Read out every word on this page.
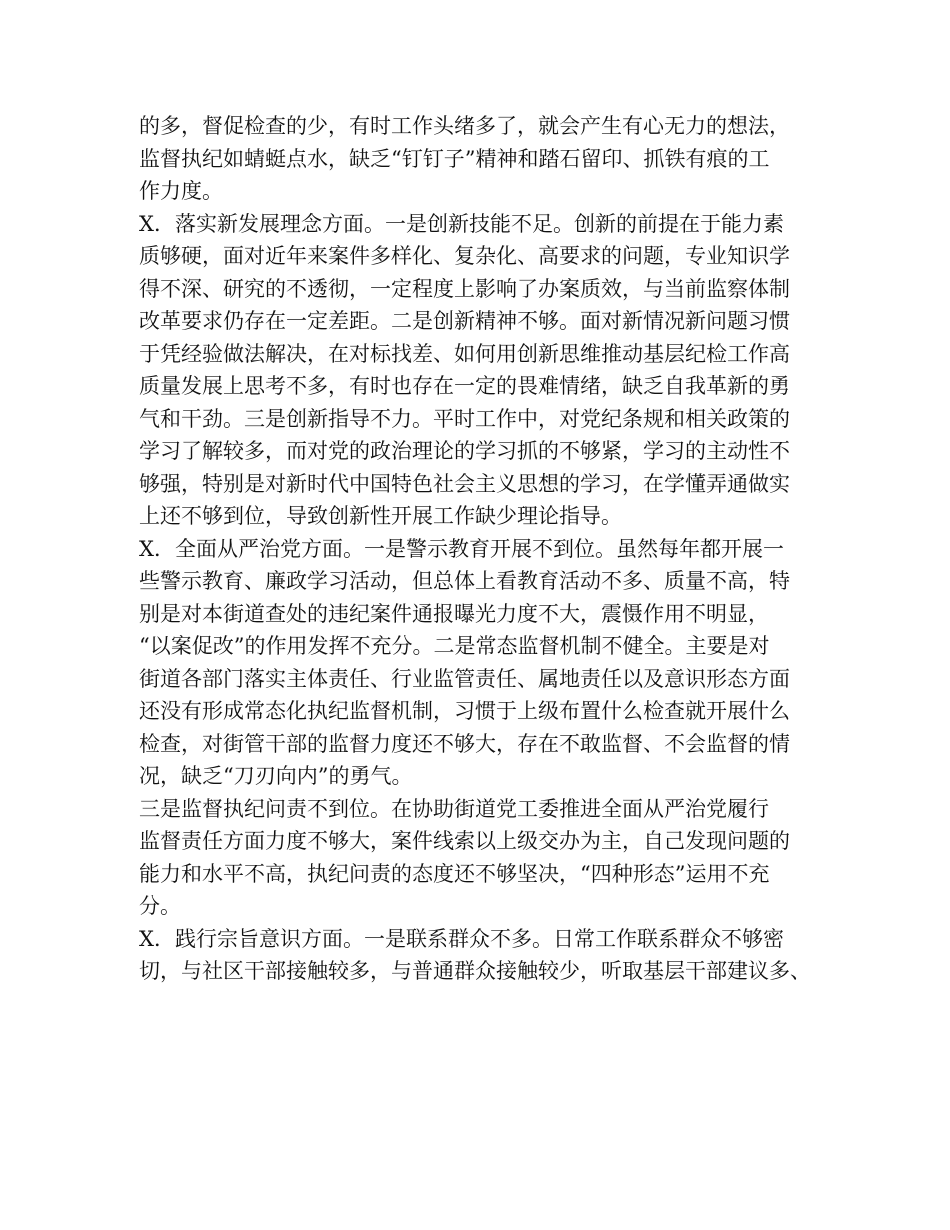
的多，督促检查的少，有时工作头绪多了，就会产生有心无力的想法，
监督执纪如蜻蜓点水，缺乏“钉钉子”精神和踏石留印、抓铁有痕的工
作力度。
X．落实新发展理念方面。一是创新技能不足。创新的前提在于能力素
质够硬，面对近年来案件多样化、复杂化、高要求的问题，专业知识学
得不深、研究的不透彻，一定程度上影响了办案质效，与当前监察体制
改革要求仍存在一定差距。二是创新精神不够。面对新情况新问题习惯
于凭经验做法解决，在对标找差、如何用创新思维推动基层纪检工作高
质量发展上思考不多，有时也存在一定的畏难情绪，缺乏自我革新的勇
气和干劲。三是创新指导不力。平时工作中，对党纪条规和相关政策的
学习了解较多，而对党的政治理论的学习抓的不够紧，学习的主动性不
够强，特别是对新时代中国特色社会主义思想的学习，在学懂弄通做实
上还不够到位，导致创新性开展工作缺少理论指导。
X．全面从严治党方面。一是警示教育开展不到位。虽然每年都开展一
些警示教育、廉政学习活动，但总体上看教育活动不多、质量不高，特
别是对本街道查处的违纪案件通报曝光力度不大，震慑作用不明显，
“以案促改”的作用发挥不充分。二是常态监督机制不健全。主要是对
街道各部门落实主体责任、行业监管责任、属地责任以及意识形态方面
还没有形成常态化执纪监督机制，习惯于上级布置什么检查就开展什么
检查，对街管干部的监督力度还不够大，存在不敢监督、不会监督的情
况，缺乏“刀刃向内”的勇气。
三是监督执纪问责不到位。在协助街道党工委推进全面从严治党履行
监督责任方面力度不够大，案件线索以上级交办为主，自己发现问题的
能力和水平不高，执纪问责的态度还不够坚决，“四种形态”运用不充
分。
X．践行宗旨意识方面。一是联系群众不多。日常工作联系群众不够密
切，与社区干部接触较多，与普通群众接触较少，听取基层干部建议多、
